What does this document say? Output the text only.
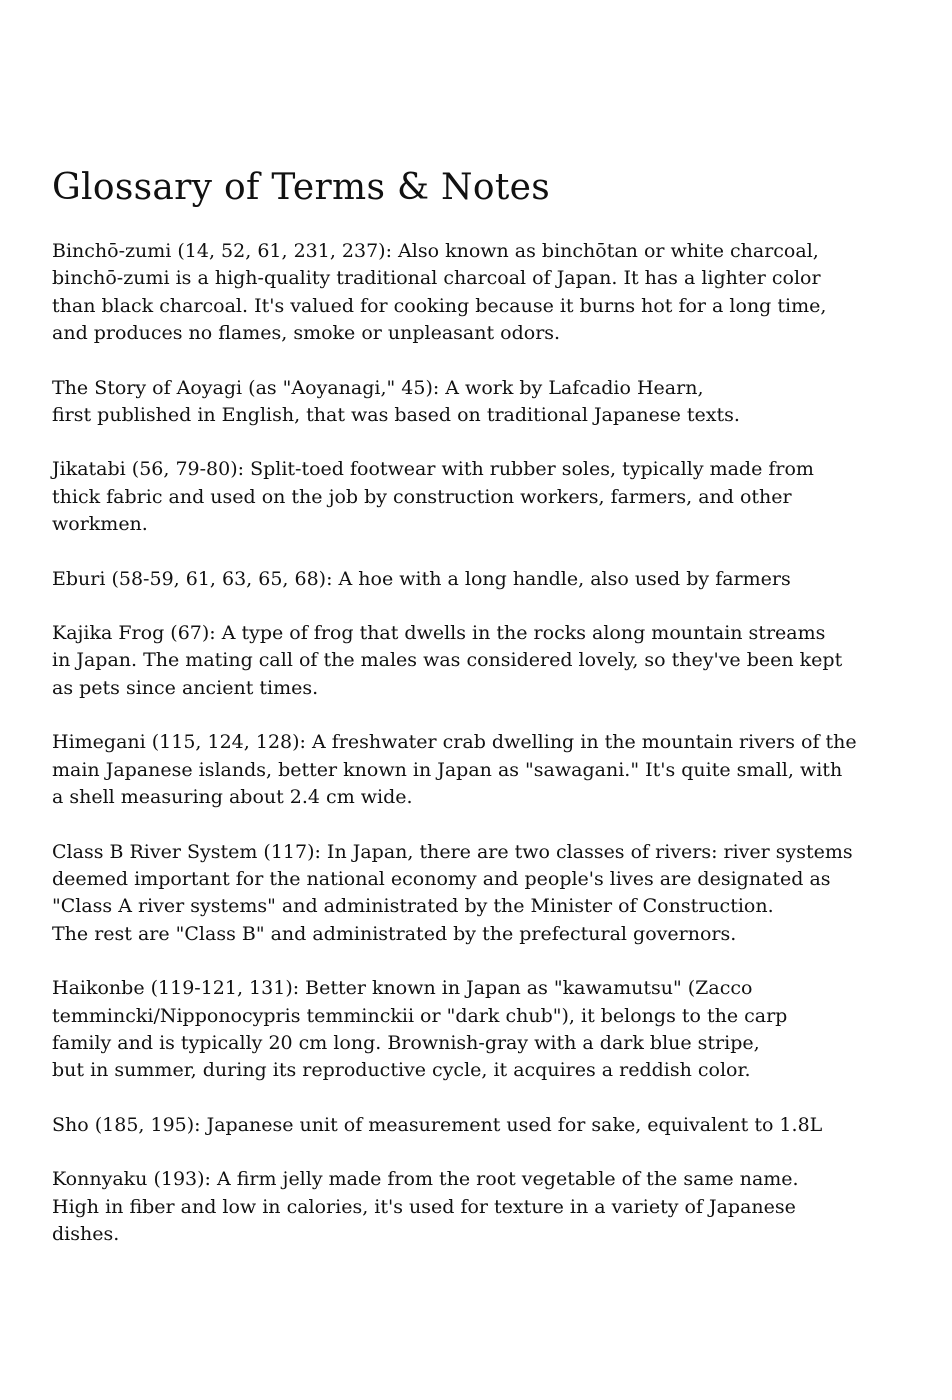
Glossary of Terms & Notes

Binchō-zumi (14, 52, 61, 231, 237): Also known as binchōtan or white charcoal,
binchō-zumi is a high-quality traditional charcoal of Japan. It has a lighter color
than black charcoal. It's valued for cooking because it burns hot for a long time,
and produces no flames, smoke or unpleasant odors.

The Story of Aoyagi (as "Aoyanagi," 45): A work by Lafcadio Hearn,
first published in English, that was based on traditional Japanese texts.

Jikatabi (56, 79-80): Split-toed footwear with rubber soles, typically made from
thick fabric and used on the job by construction workers, farmers, and other
workmen.

Eburi (58-59, 61, 63, 65, 68): A hoe with a long handle, also used by farmers

Kajika Frog (67): A type of frog that dwells in the rocks along mountain streams
in Japan. The mating call of the males was considered lovely, so they've been kept
as pets since ancient times.

Himegani (115, 124, 128): A freshwater crab dwelling in the mountain rivers of the
main Japanese islands, better known in Japan as "sawagani." It's quite small, with
a shell measuring about 2.4 cm wide.

Class B River System (117): In Japan, there are two classes of rivers: river systems
deemed important for the national economy and people's lives are designated as
"Class A river systems" and administrated by the Minister of Construction.
The rest are "Class B" and administrated by the prefectural governors.

Haikonbe (119-121, 131): Better known in Japan as "kawamutsu" (Zacco
temmincki/Nipponocypris temminckii or "dark chub"), it belongs to the carp
family and is typically 20 cm long. Brownish-gray with a dark blue stripe,
but in summer, during its reproductive cycle, it acquires a reddish color.

Sho (185, 195): Japanese unit of measurement used for sake, equivalent to 1.8L

Konnyaku (193): A firm jelly made from the root vegetable of the same name.
High in fiber and low in calories, it's used for texture in a variety of Japanese
dishes.
